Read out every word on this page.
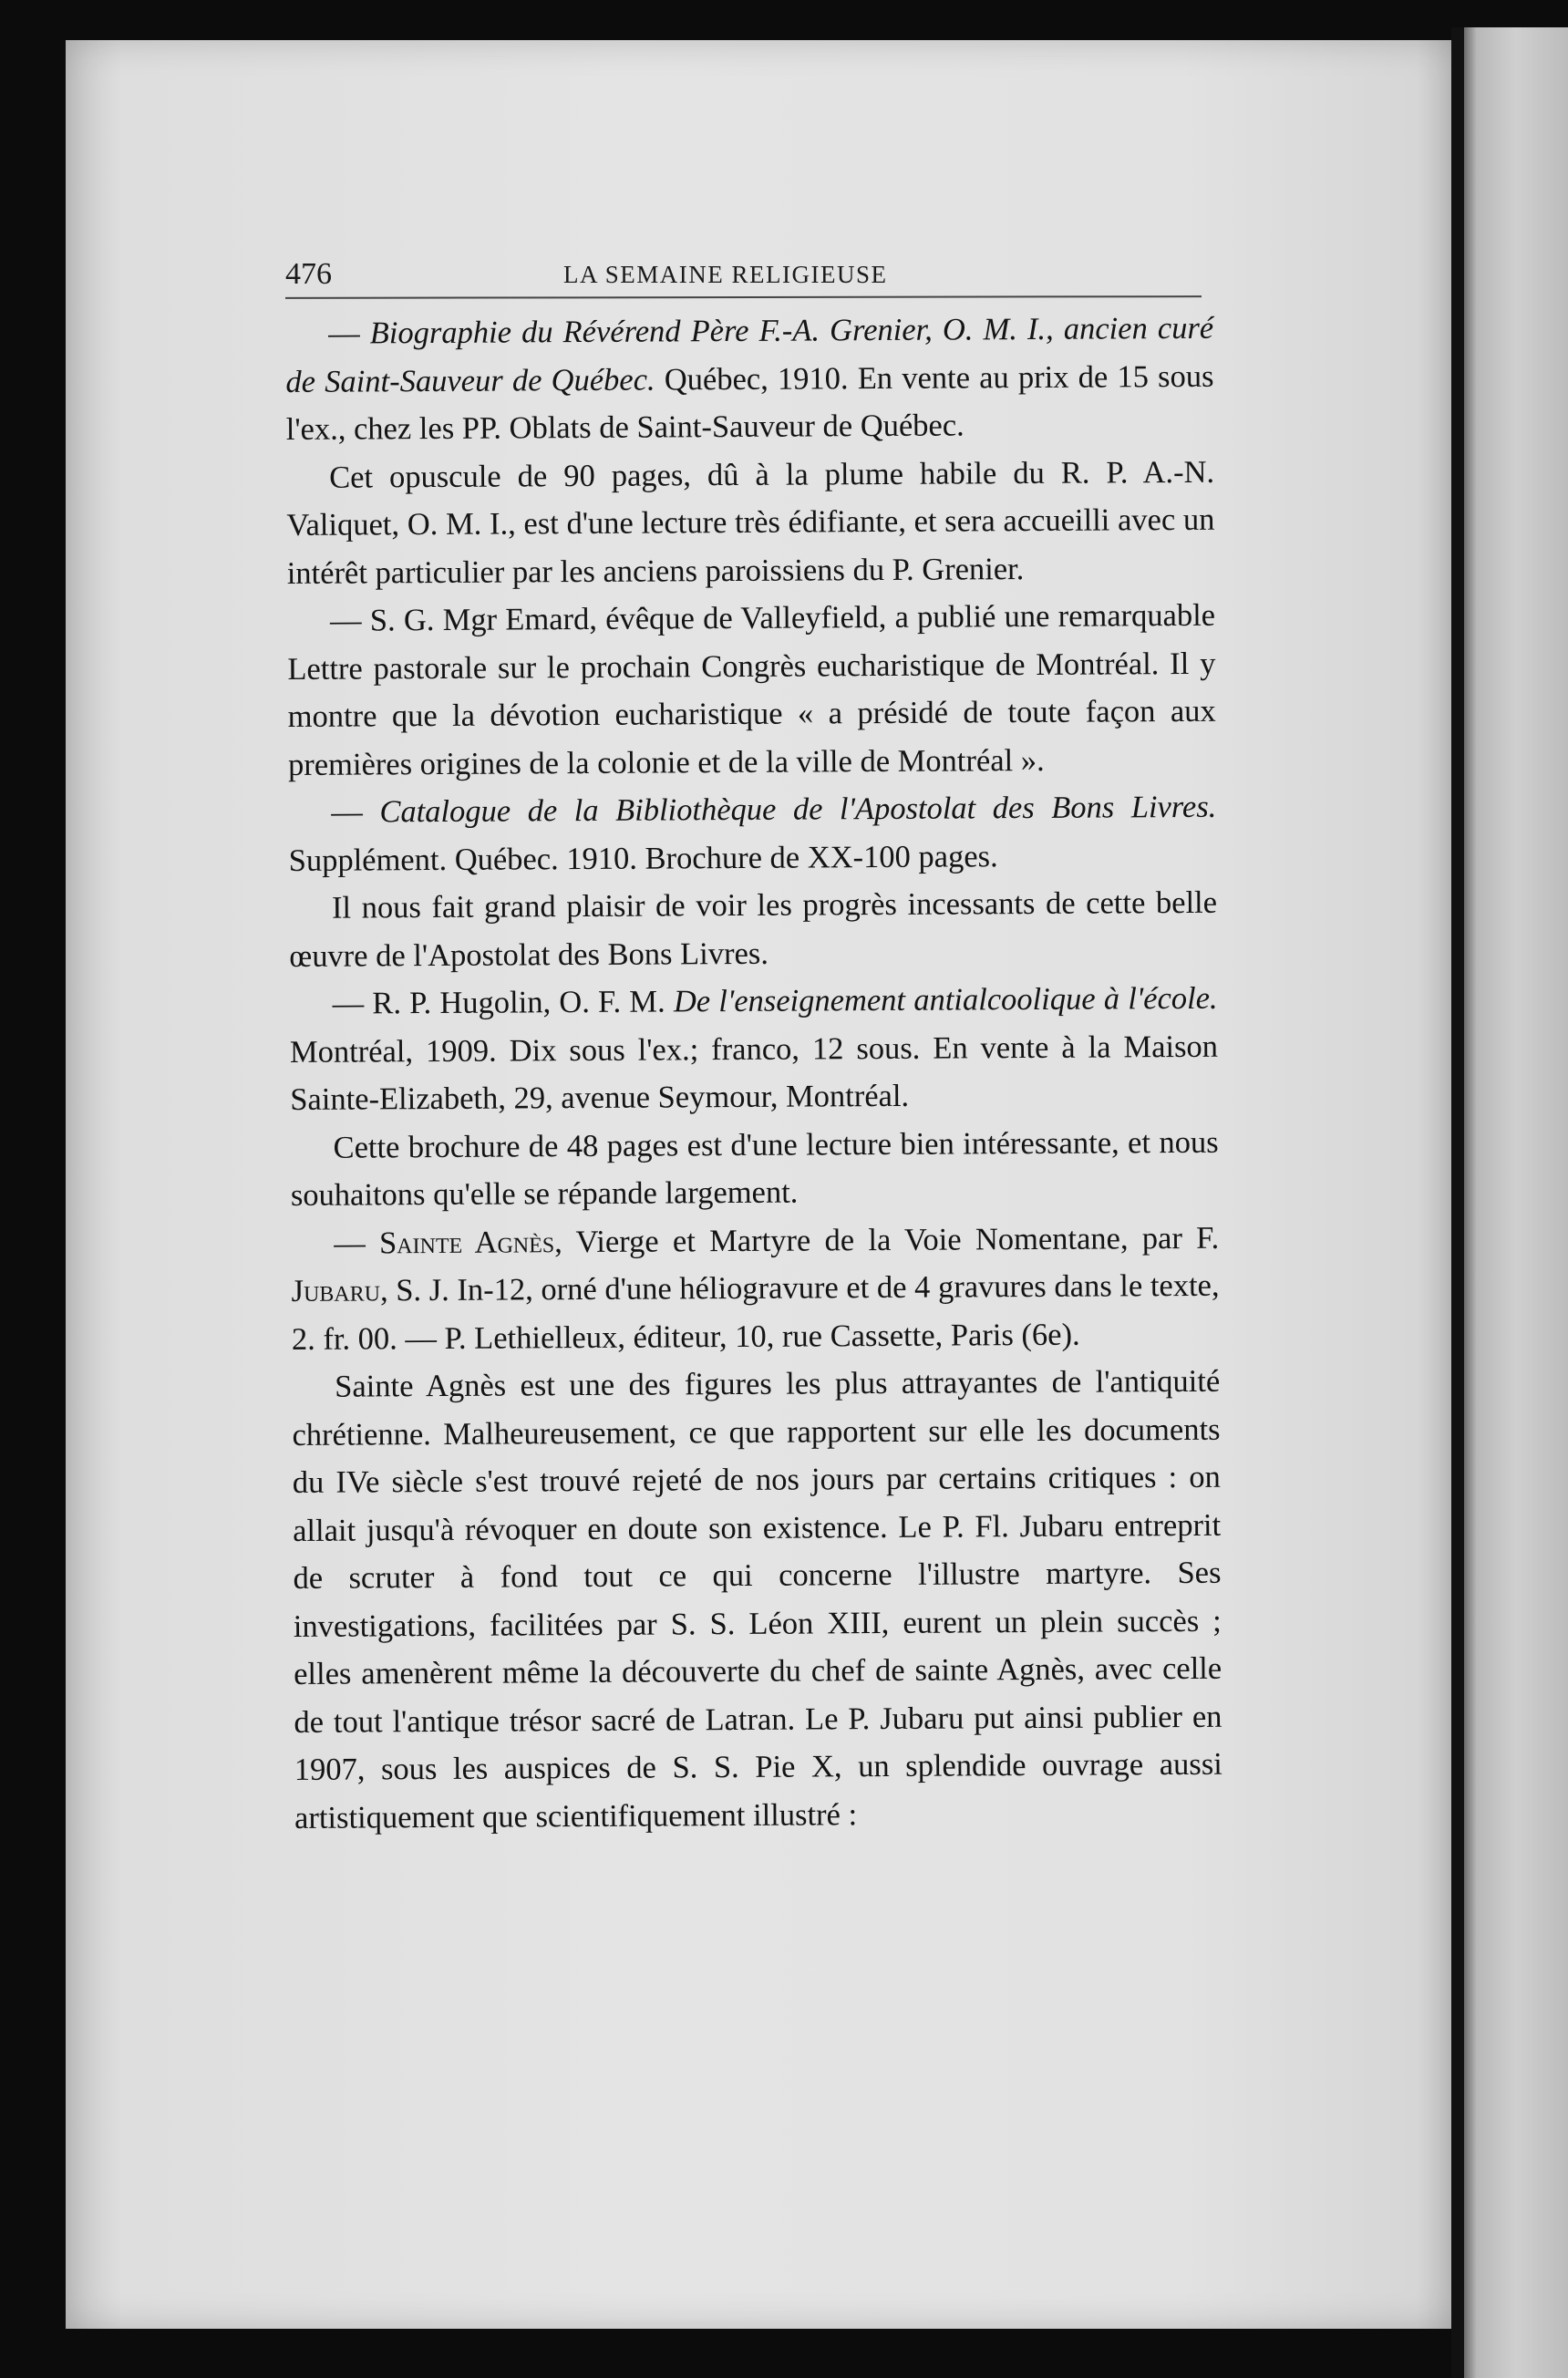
476	LA SEMAINE RELIGIEUSE

— Biographie du Révérend Père F.-A. Grenier, O. M. I., ancien curé de Saint-Sauveur de Québec. Québec, 1910. En vente au prix de 15 sous l'ex., chez les PP. Oblats de Saint-Sauveur de Québec.

Cet opuscule de 90 pages, dû à la plume habile du R. P. A.-N. Valiquet, O. M. I., est d'une lecture très édifiante, et sera accueilli avec un intérêt particulier par les anciens paroissiens du P. Grenier.

— S. G. Mgr Emard, évêque de Valleyfield, a publié une remarquable Lettre pastorale sur le prochain Congrès eucharistique de Montréal. Il y montre que la dévotion eucharistique « a présidé de toute façon aux premières origines de la colonie et de la ville de Montréal ».

— Catalogue de la Bibliothèque de l'Apostolat des Bons Livres. Supplément. Québec. 1910. Brochure de XX-100 pages.

Il nous fait grand plaisir de voir les progrès incessants de cette belle œuvre de l'Apostolat des Bons Livres.

— R. P. Hugolin, O. F. M. De l'enseignement antialcoolique à l'école. Montréal, 1909. Dix sous l'ex.; franco, 12 sous. En vente à la Maison Sainte-Elizabeth, 29, avenue Seymour, Montréal.

Cette brochure de 48 pages est d'une lecture bien intéressante, et nous souhaitons qu'elle se répande largement.

— Sainte Agnès, Vierge et Martyre de la Voie Nomentane, par F. Jubaru, S. J. In-12, orné d'une héliogravure et de 4 gravures dans le texte, 2. fr. 00. — P. Lethielleux, éditeur, 10, rue Cassette, Paris (6e).

Sainte Agnès est une des figures les plus attrayantes de l'antiquité chrétienne. Malheureusement, ce que rapportent sur elle les documents du IVe siècle s'est trouvé rejeté de nos jours par certains critiques : on allait jusqu'à révoquer en doute son existence. Le P. Fl. Jubaru entreprit de scruter à fond tout ce qui concerne l'illustre martyre. Ses investigations, facilitées par S. S. Léon XIII, eurent un plein succès ; elles amenèrent même la découverte du chef de sainte Agnès, avec celle de tout l'antique trésor sacré de Latran. Le P. Jubaru put ainsi publier en 1907, sous les auspices de S. S. Pie X, un splendide ouvrage aussi artistiquement que scientifiquement illustré :
